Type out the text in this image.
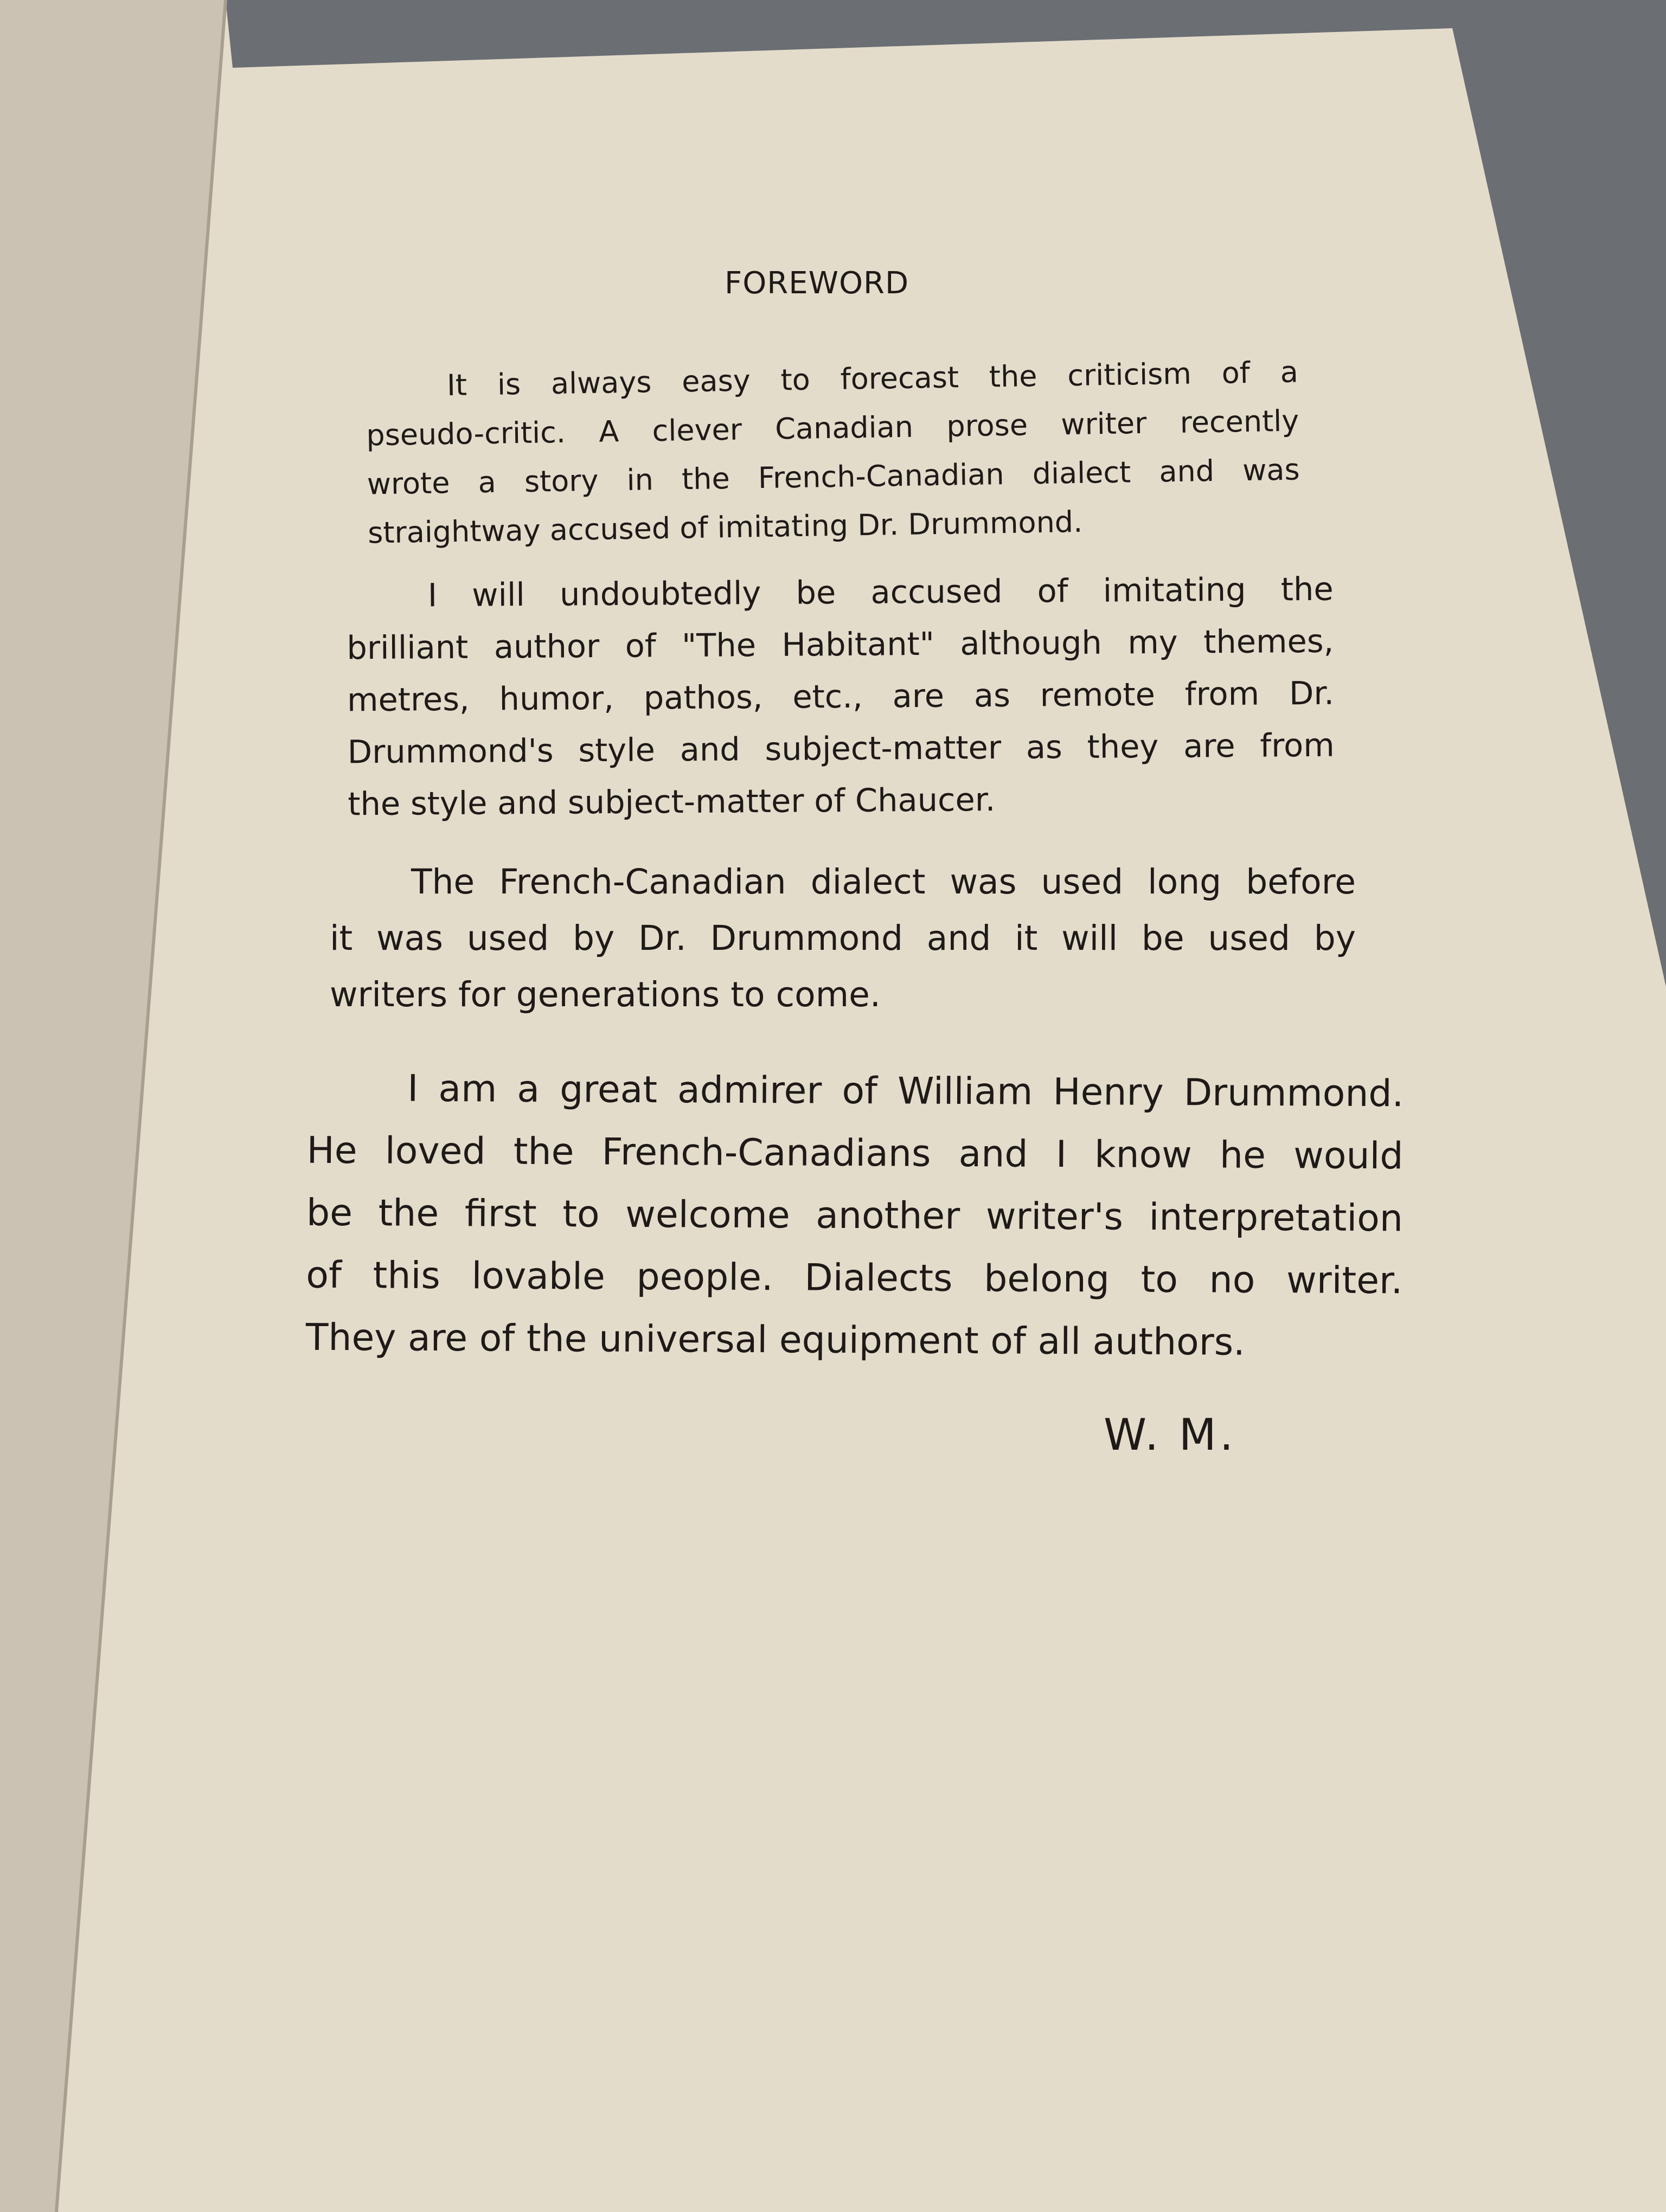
FOREWORD
It is always easy to forecast the criticism of a
pseudo-critic. A clever Canadian prose writer recently
wrote a story in the French-Canadian dialect and was
straightway accused of imitating Dr. Drummond.
I will undoubtedly be accused of imitating the
brilliant author of "The Habitant" although my themes,
metres, humor, pathos, etc., are as remote from Dr.
Drummond's style and subject-matter as they are from
the style and subject-matter of Chaucer.
The French-Canadian dialect was used long before
it was used by Dr. Drummond and it will be used by
writers for generations to come.
I am a great admirer of William Henry Drummond.
He loved the French-Canadians and I know he would
be the first to welcome another writer's interpretation
of this lovable people. Dialects belong to no writer.
They are of the universal equipment of all authors.
W. M.
